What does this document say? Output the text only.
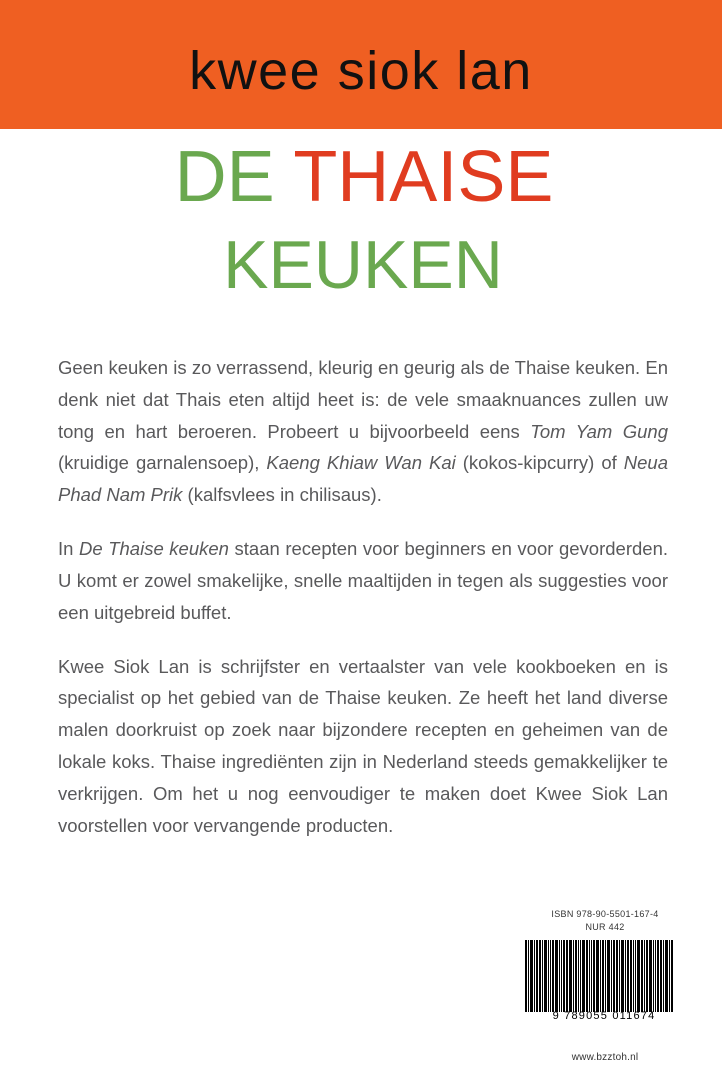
kwee siok lan
DE THAISE
KEUKEN

Geen keuken is zo verrassend, kleurig en geurig als de Thaise keuken. En denk niet dat Thais eten altijd heet is: de vele smaaknuances zullen uw tong en hart beroeren. Probeert u bijvoorbeeld eens Tom Yam Gung (kruidige garnalensoep), Kaeng Khiaw Wan Kai (kokos-kipcurry) of Neua Phad Nam Prik (kalfsvlees in chilisaus).

In De Thaise keuken staan recepten voor beginners en voor gevorderden. U komt er zowel smakelijke, snelle maaltijden in tegen als suggesties voor een uitgebreid buffet.

Kwee Siok Lan is schrijfster en vertaalster van vele kookboeken en is specialist op het gebied van de Thaise keuken. Ze heeft het land diverse malen doorkruist op zoek naar bijzondere recepten en geheimen van de lokale koks. Thaise ingrediënten zijn in Nederland steeds gemakkelijker te verkrijgen. Om het u nog eenvoudiger te maken doet Kwee Siok Lan voorstellen voor vervangende producten.

ISBN 978-90-5501-167-4
NUR 442
9 789055 011674
www.bzztoh.nl
